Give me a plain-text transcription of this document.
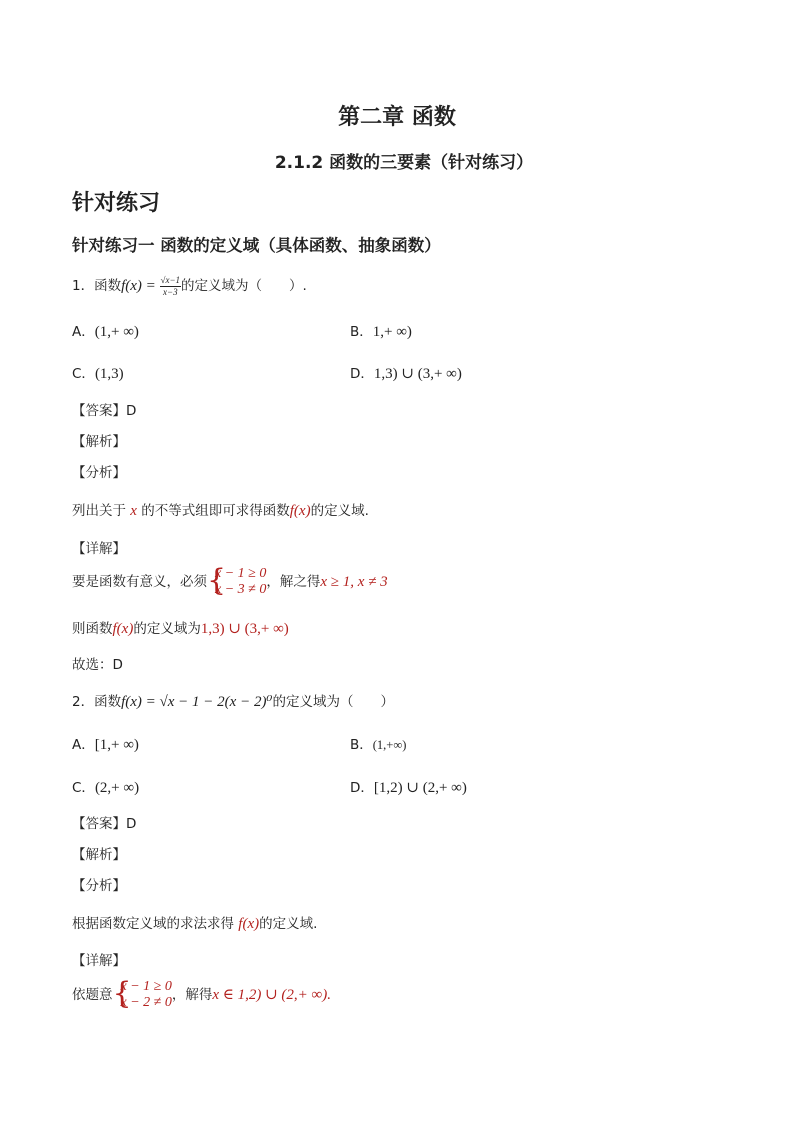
第二章 函数
2.1.2 函数的三要素（针对练习）
针对练习
针对练习一 函数的定义域（具体函数、抽象函数）
1．函数$f(x) = \frac{√x-1}{x-3}$ 的定义域为（　　）.
A．(1,+ ∞)	B．1,+ ∞)
C．(1,3)	D．1,3) ∪ (3,+ ∞)
【答案】D
【解析】
【分析】
列出关于 x 的不等式组即可求得函数f(x)的定义域.
【详解】
要是函数有意义，必须 {
x − 1 ≥ 0
x − 3 ≠ 0 ，解之得x ≥ 1, x ≠ 3
则函数f(x)的定义域为1,3) ∪ (3,+ ∞)
故选：D
2．函数f(x) = √x − 1 − 2(x − 2)⁰的定义域为（　　）
A．[1,+ ∞)	B．(1,+∞)
C．(2,+ ∞)	D．[1,2) ∪ (2,+ ∞)
【答案】D
【解析】
【分析】
根据函数定义域的求法求得 f(x)的定义域.
【详解】
依题意 {
x − 1 ≥ 0
x − 2 ≠ 0 ，解得x ∈ 1,2) ∪ (2,+ ∞).
